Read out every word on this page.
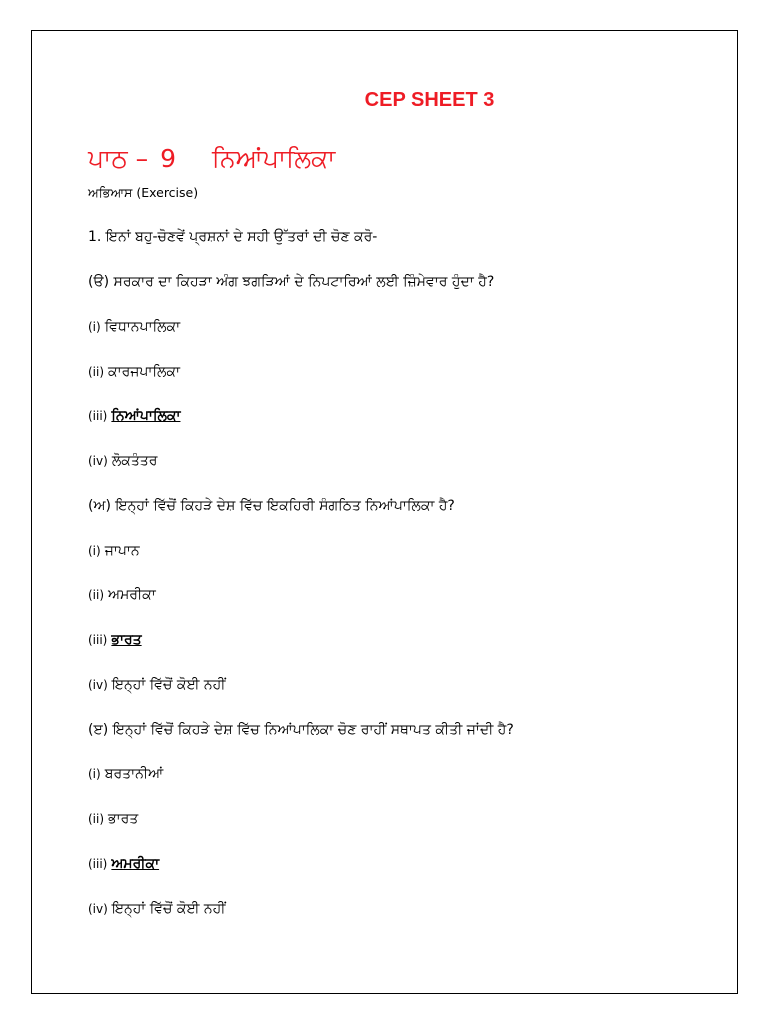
CEP SHEET 3
ਪਾਠ – 9 ਨਿਆਂਪਾਲਿਕਾ
ਅਭਿਆਸ (Exercise)
1. ਇਨਾਂ ਬਹੁ-ਚੋਣਵੇਂ ਪ੍ਰਸ਼ਨਾਂ ਦੇ ਸਹੀ ਉੱਤਰਾਂ ਦੀ ਚੋਣ ਕਰੋ-
(ੳ) ਸਰਕਾਰ ਦਾ ਕਿਹੜਾ ਅੰਗ ਝਗੜਿਆਂ ਦੇ ਨਿਪਟਾਰਿਆਂ ਲਈ ਜ਼ਿੰਮੇਵਾਰ ਹੁੰਦਾ ਹੈ?
(i) ਵਿਧਾਨਪਾਲਿਕਾ
(ii) ਕਾਰਜਪਾਲਿਕਾ
(iii) ਨਿਆਂਪਾਲਿਕਾ
(iv) ਲੋਕਤੰਤਰ
(ਅ) ਇਨ੍ਹਾਂ ਵਿੱਚੋਂ ਕਿਹੜੇ ਦੇਸ਼ ਵਿੱਚ ਇਕਹਿਰੀ ਸੰਗਠਿਤ ਨਿਆਂਪਾਲਿਕਾ ਹੈ?
(i) ਜਾਪਾਨ
(ii) ਅਮਰੀਕਾ
(iii) ਭਾਰਤ
(iv) ਇਨ੍ਹਾਂ ਵਿੱਚੋਂ ਕੋਈ ਨਹੀਂ
(ੲ) ਇਨ੍ਹਾਂ ਵਿੱਚੋਂ ਕਿਹੜੇ ਦੇਸ਼ ਵਿੱਚ ਨਿਆਂਪਾਲਿਕਾ ਚੋਣ ਰਾਹੀਂ ਸਥਾਪਤ ਕੀਤੀ ਜਾਂਦੀ ਹੈ?
(i) ਬਰਤਾਨੀਆਂ
(ii) ਭਾਰਤ
(iii) ਅਮਰੀਕਾ
(iv) ਇਨ੍ਹਾਂ ਵਿੱਚੋਂ ਕੋਈ ਨਹੀਂ
